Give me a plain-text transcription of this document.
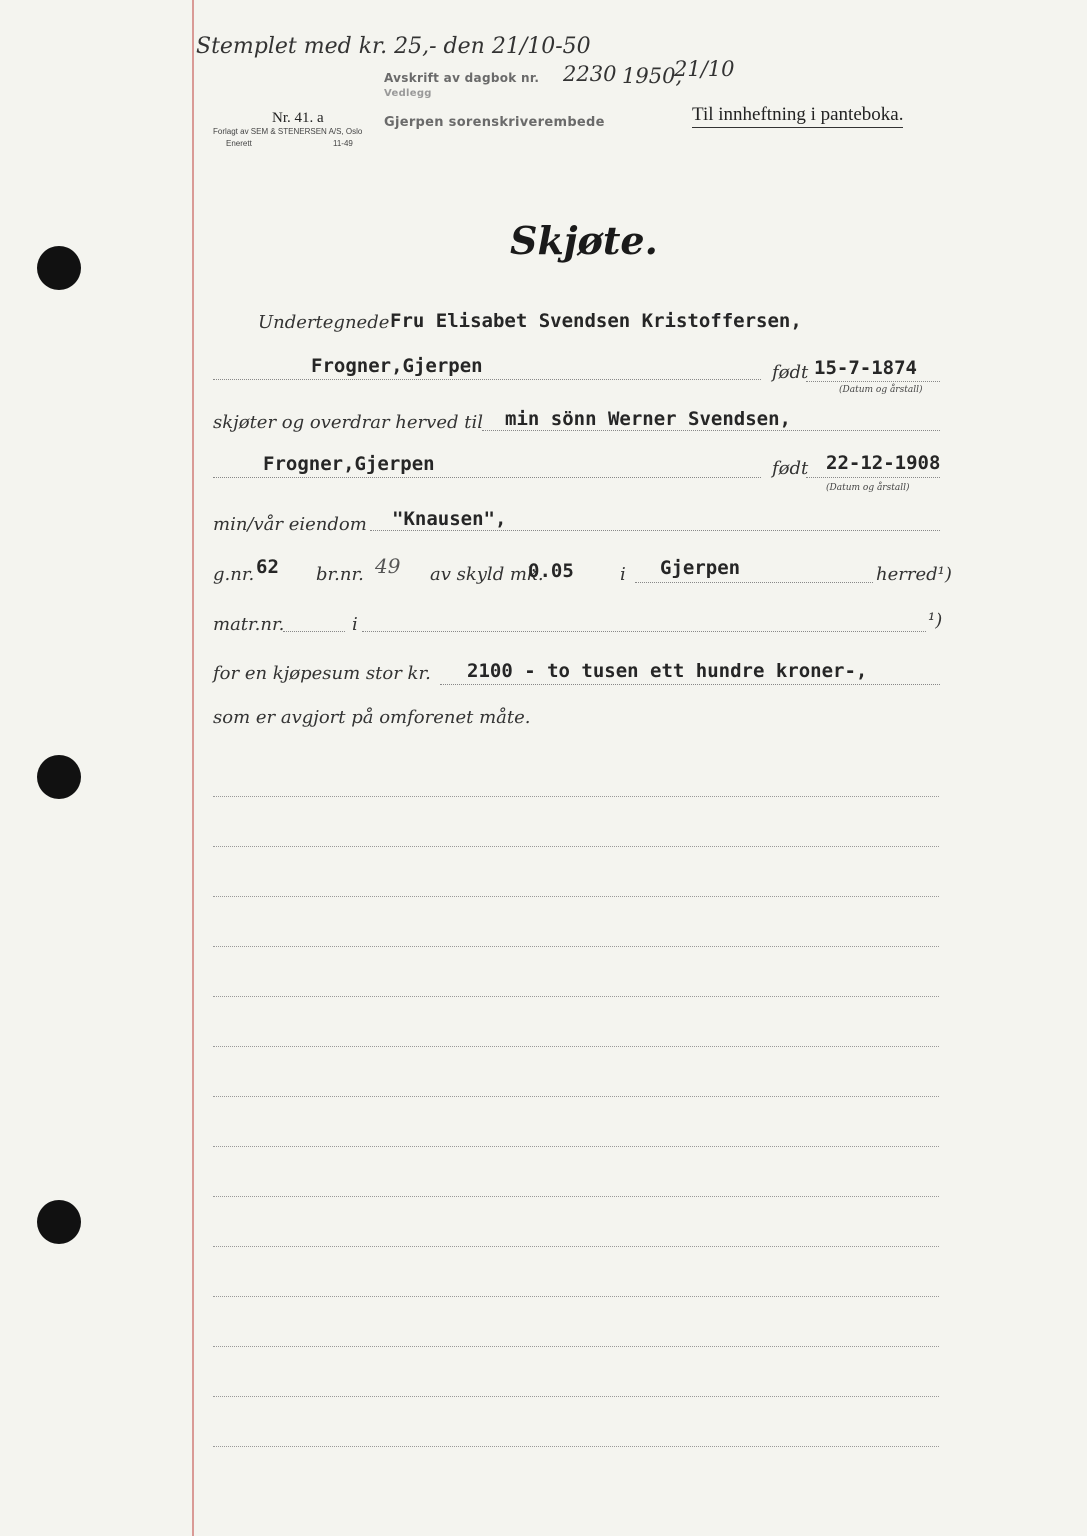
Stemplet med kr. 25,- den 21/10-50
Avskrift av dagbok nr. 2230 1950,
21/10
Vedlegg
Gjerpen sorenskriverembede
Nr. 41. a
Forlagt av SEM & STENERSEN A/S, Oslo
Enerett	11-49
Til innheftning i panteboka.
Skjøte.
Undertegnede Fru Elisabet Svendsen Kristoffersen,
Frogner,Gjerpen	født 15-7-1874
(Datum og årstall)
skjøter og overdrar herved til min sönn Werner Svendsen,
Frogner,Gjerpen	født 22-12-1908
(Datum og årstall)
min/vår eiendom "Knausen",
g.nr. 62 br.nr. 49 av skyld mk.
0.05	i Gjerpen	herred¹)
matr.nr.	i	¹)
for en kjøpesum stor kr. 2100 - to tusen ett hundre kroner-,
som er avgjort på omforenet måte.
